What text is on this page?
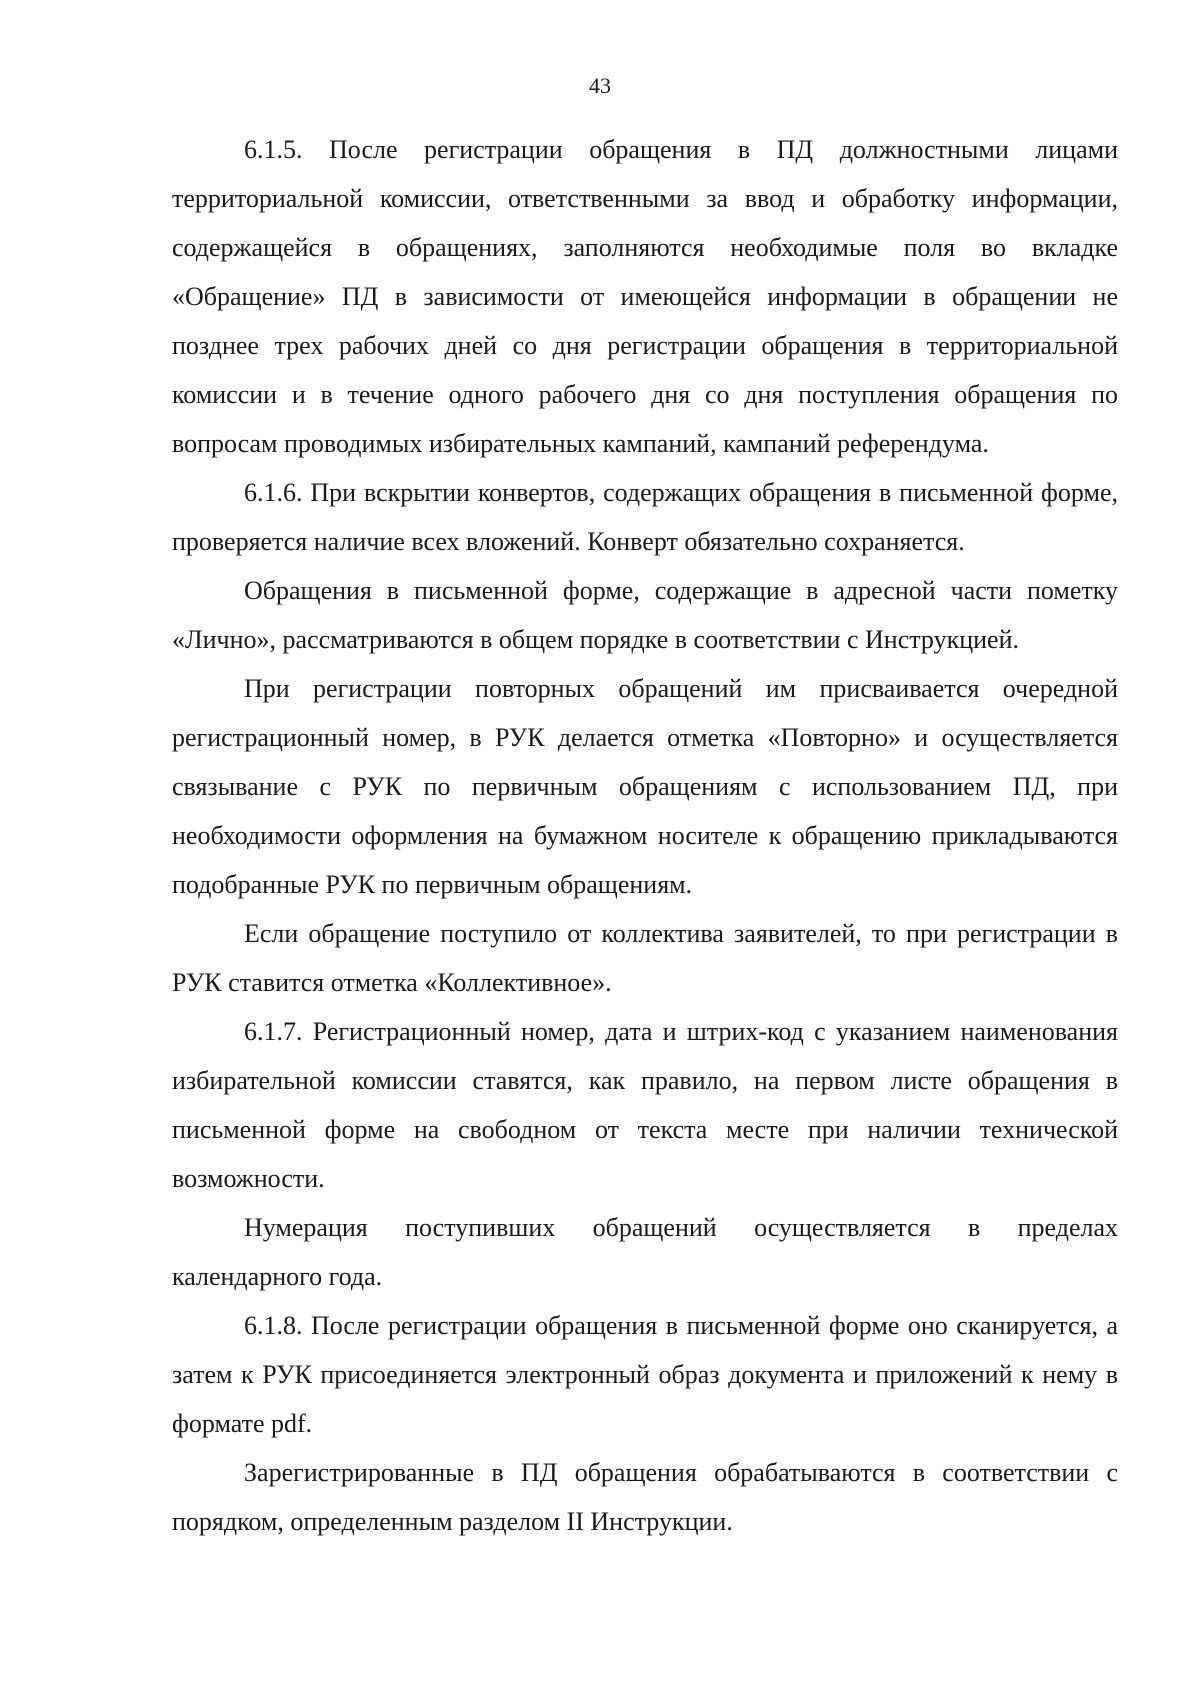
43

6.1.5. После регистрации обращения в ПД должностными лицами территориальной комиссии, ответственными за ввод и обработку информации, содержащейся в обращениях, заполняются необходимые поля во вкладке «Обращение» ПД в зависимости от имеющейся информации в обращении не позднее трех рабочих дней со дня регистрации обращения в территориальной комиссии и в течение одного рабочего дня со дня поступления обращения по вопросам проводимых избирательных кампаний, кампаний референдума.

6.1.6. При вскрытии конвертов, содержащих обращения в письменной форме, проверяется наличие всех вложений. Конверт обязательно сохраняется.

Обращения в письменной форме, содержащие в адресной части пометку «Лично», рассматриваются в общем порядке в соответствии с Инструкцией.

При регистрации повторных обращений им присваивается очередной регистрационный номер, в РУК делается отметка «Повторно» и осуществляется связывание с РУК по первичным обращениям с использованием ПД, при необходимости оформления на бумажном носителе к обращению прикладываются подобранные РУК по первичным обращениям.

Если обращение поступило от коллектива заявителей, то при регистрации в РУК ставится отметка «Коллективное».

6.1.7. Регистрационный номер, дата и штрих-код с указанием наименования избирательной комиссии ставятся, как правило, на первом листе обращения в письменной форме на свободном от текста месте при наличии технической возможности.

Нумерация поступивших обращений осуществляется в пределах календарного года.

6.1.8. После регистрации обращения в письменной форме оно сканируется, а затем к РУК присоединяется электронный образ документа и приложений к нему в формате pdf.

Зарегистрированные в ПД обращения обрабатываются в соответствии с порядком, определенным разделом II Инструкции.
